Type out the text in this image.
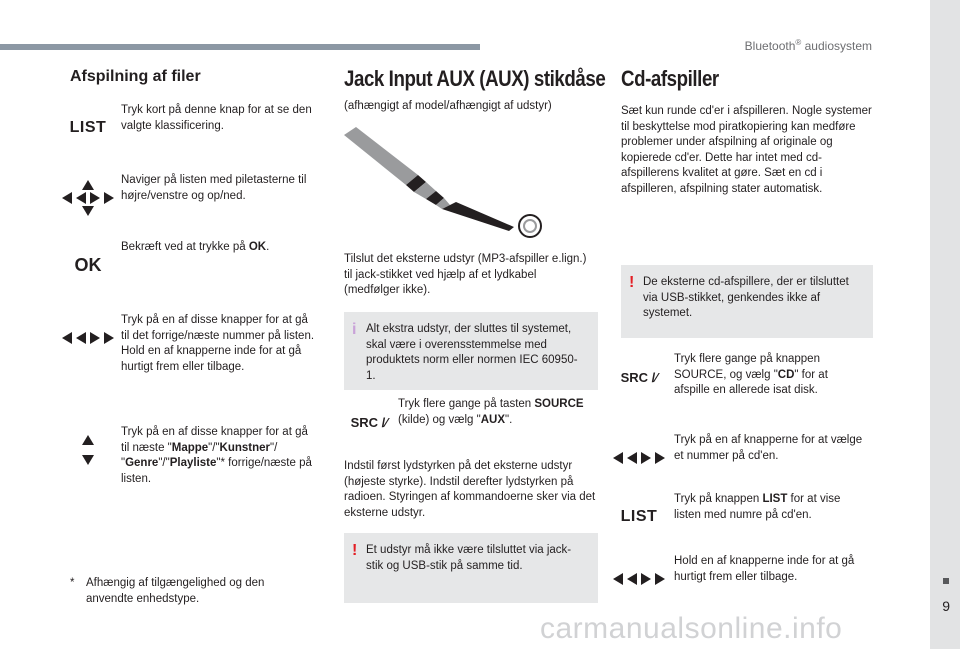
Bluetooth® audiosystem
9
Afspilning af filer
LIST
Tryk kort på denne knap for at se den valgte klassificering.
Naviger på listen med piletasterne til højre/venstre og op/ned.
OK
Bekræft ved at trykke på OK.
Tryk på en af disse knapper for at gå til det forrige/næste nummer på listen.
Hold en af knapperne inde for at gå hurtigt frem eller tilbage.
Tryk på en af disse knapper for at gå til næste "Mappe"/"Kunstner"/ "Genre"/"Playliste"* forrige/næste på listen.
*	Afhængig af tilgængelighed og den anvendte enhedstype.
Jack Input AUX (AUX) stikdåse
(afhængigt af model/afhængigt af udstyr)
Tilslut det eksterne udstyr (MP3-afspiller e.lign.) til jack-stikket ved hjælp af et lydkabel (medfølger ikke).
i Alt ekstra udstyr, der sluttes til systemet, skal være i overensstemmelse med produktets norm eller normen IEC 60950-1.
SRC /∕
Tryk flere gange på tasten SOURCE (kilde) og vælg "AUX".
Indstil først lydstyrken på det eksterne udstyr (højeste styrke). Indstil derefter lydstyrken på radioen. Styringen af kommandoerne sker via det eksterne udstyr.
! Et udstyr må ikke være tilsluttet via jack-stik og USB-stik på samme tid.
Cd-afspiller
Sæt kun runde cd'er i afspilleren. Nogle systemer til beskyttelse mod piratkopiering kan medføre problemer under afspilning af originale og kopierede cd'er. Dette har intet med cd-afspillerens kvalitet at gøre. Sæt en cd i afspilleren, afspilning stater automatisk.
! De eksterne cd-afspillere, der er tilsluttet via USB-stikket, genkendes ikke af systemet.
SRC /∕
Tryk flere gange på knappen SOURCE, og vælg "CD" for at afspille en allerede isat disk.
Tryk på en af knapperne for at vælge et nummer på cd'en.
LIST
Tryk på knappen LIST for at vise listen med numre på cd'en.
Hold en af knapperne inde for at gå hurtigt frem eller tilbage.
carmanualsonline.info
